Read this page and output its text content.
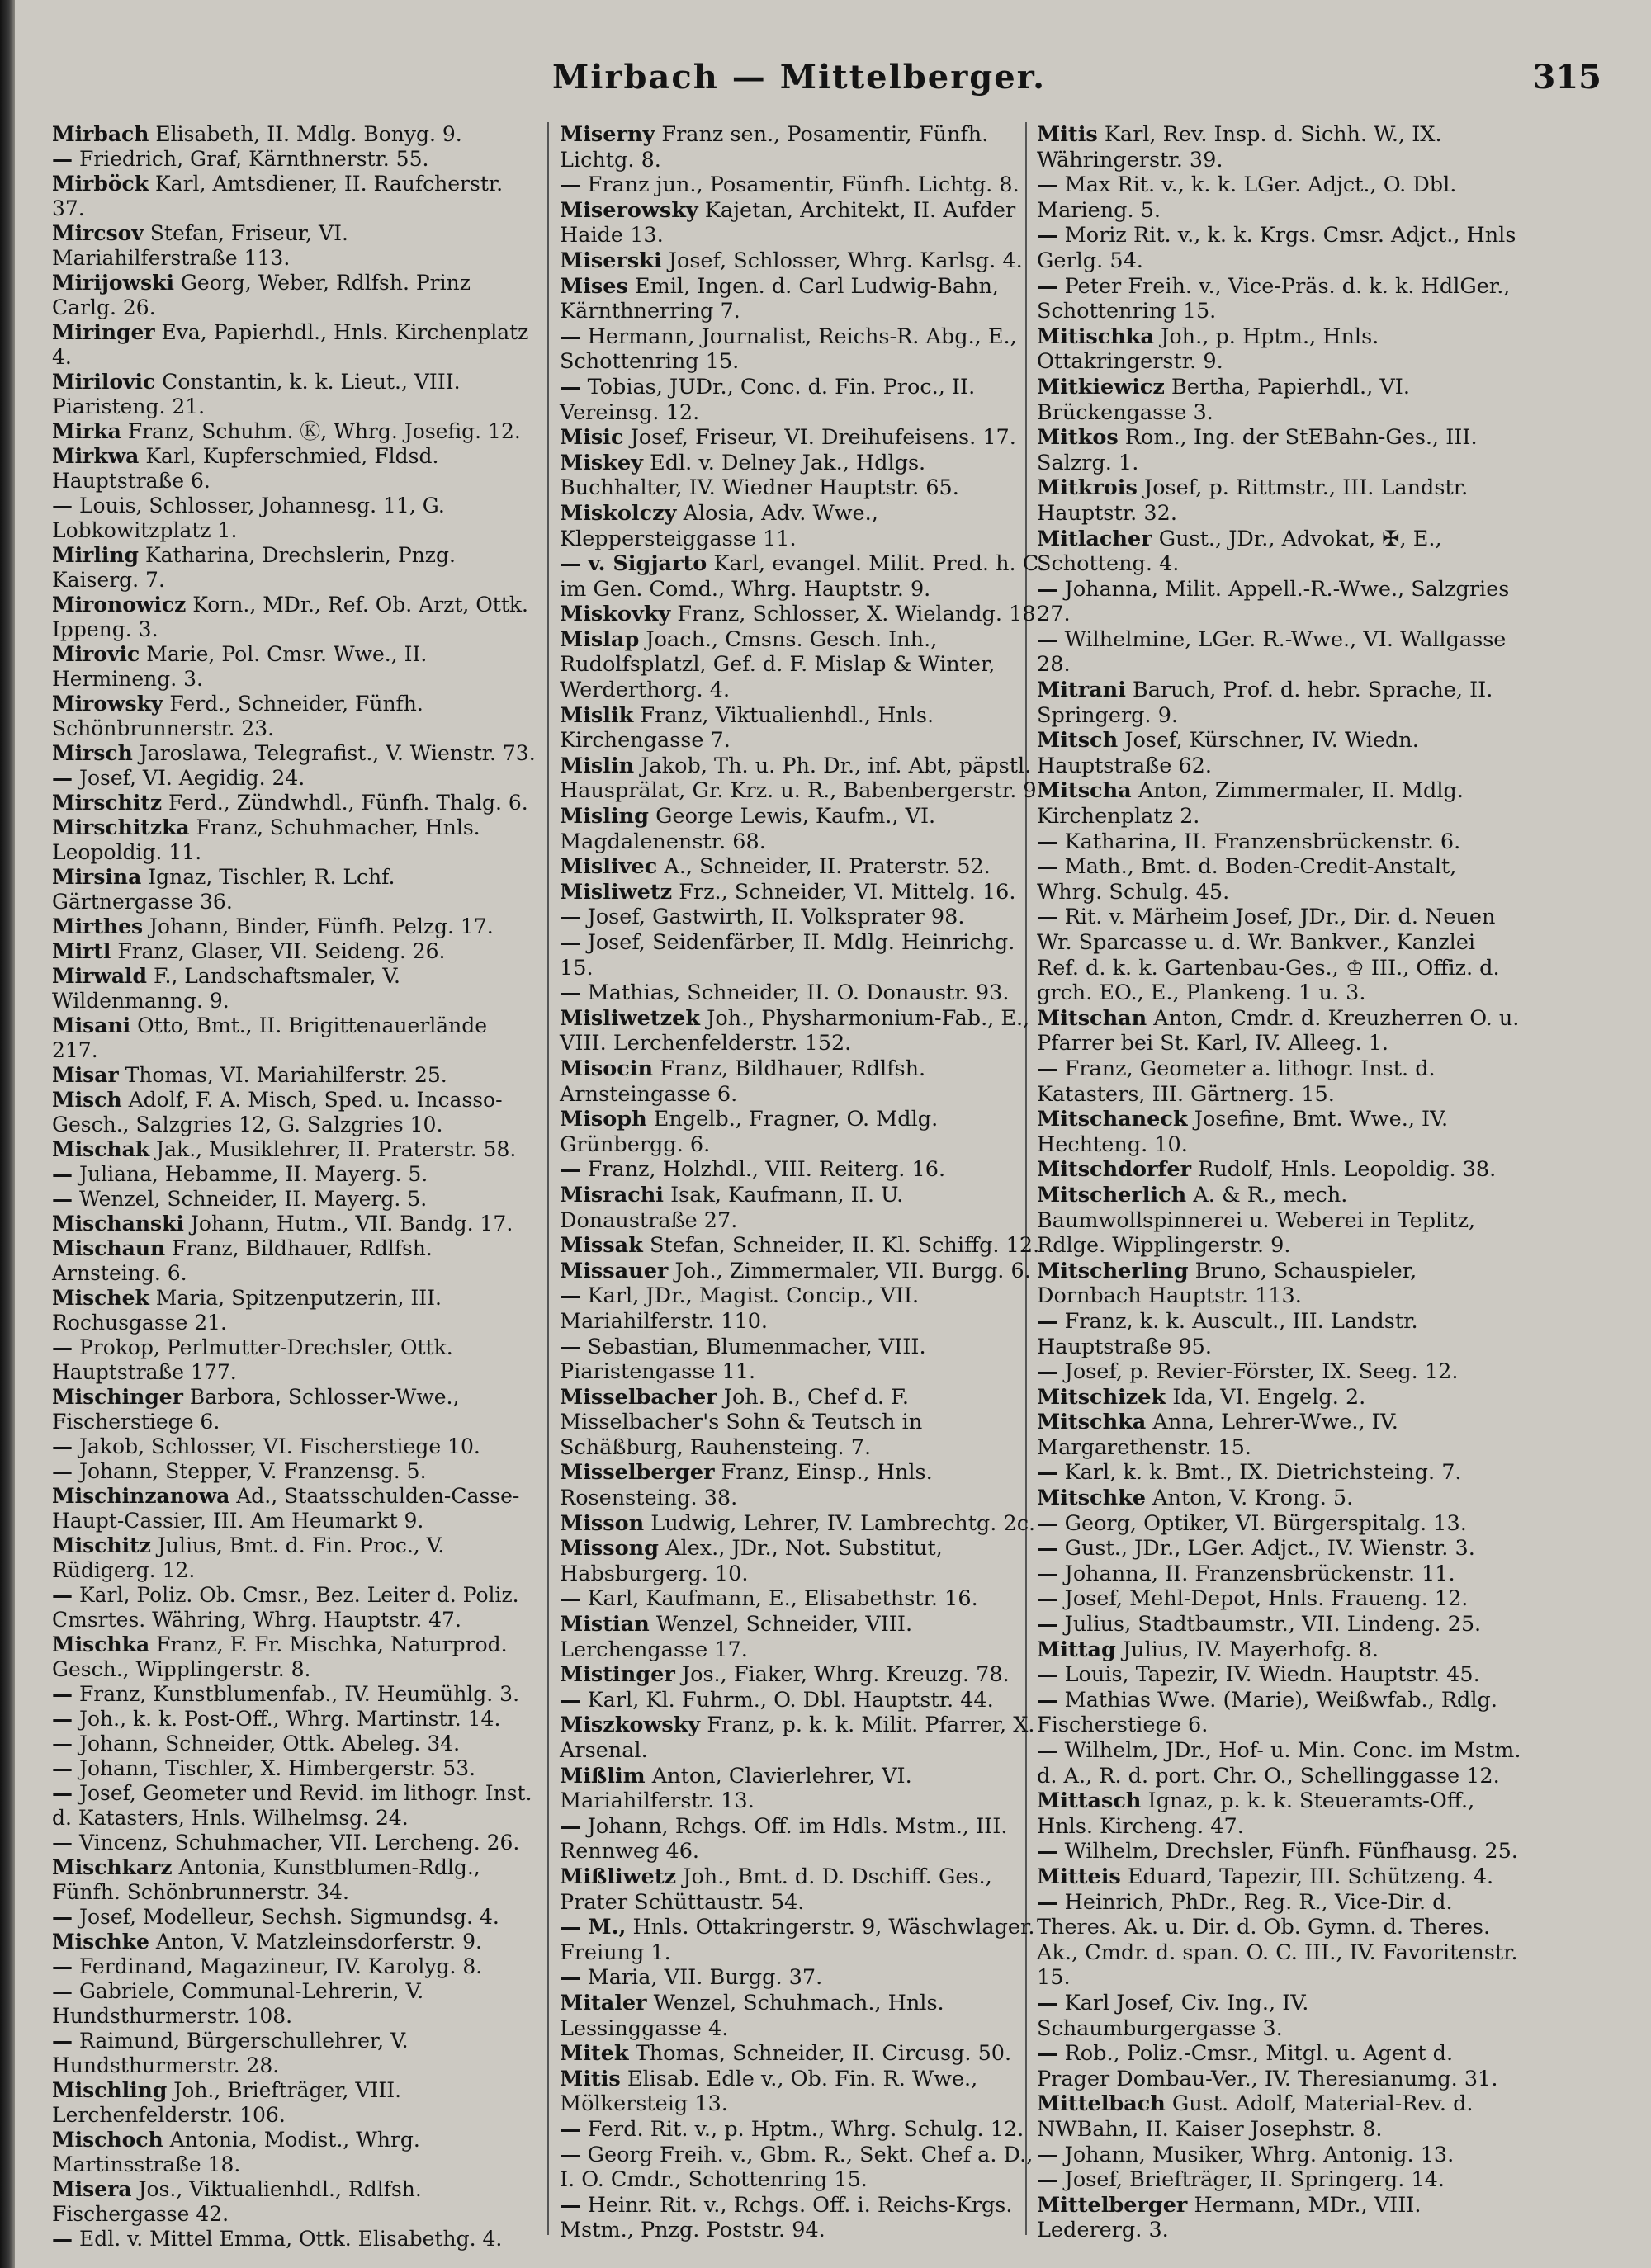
Mirbach — Mittelberger.	315

Mirbach Elisabeth, II. Mdlg. Bonyg. 9.

— Friedrich, Graf, Kärnthnerstr. 55.

Mirböck Karl, Amtsdiener, II. Raufcherstr. 37.

Mircsov Stefan, Friseur, VI. Mariahilferstraße 113.

Mirijowski Georg, Weber, Rdlfsh. Prinz Carlg. 26.

Miringer Eva, Papierhdl., Hnls. Kirchenplatz 4.

Mirilovic Constantin, k. k. Lieut., VIII. Piaristeng. 21.

Mirka Franz, Schuhm. Ⓚ, Whrg. Josefig. 12.

Mirkwa Karl, Kupferschmied, Fldsd. Hauptstraße 6.

— Louis, Schlosser, Johannesg. 11, G. Lobkowitzplatz 1.

Mirling Katharina, Drechslerin, Pnzg. Kaiserg. 7.

Mironowicz Korn., MDr., Ref. Ob. Arzt, Ottk. Ippeng. 3.

Mirovic Marie, Pol. Cmsr. Wwe., II. Hermineng. 3.

Mirowsky Ferd., Schneider, Fünfh. Schönbrunnerstr. 23.

Mirsch Jaroslawa, Telegrafist., V. Wienstr. 73.

— Josef, VI. Aegidig. 24.

Mirschitz Ferd., Zündwhdl., Fünfh. Thalg. 6.

Mirschitzka Franz, Schuhmacher, Hnls. Leopoldig. 11.

Mirsina Ignaz, Tischler, R. Lchf. Gärtnergasse 36.

Mirthes Johann, Binder, Fünfh. Pelzg. 17.

Mirtl Franz, Glaser, VII. Seideng. 26.

Mirwald F., Landschaftsmaler, V. Wildenmanng. 9.

Misani Otto, Bmt., II. Brigittenauerlände 217.

Misar Thomas, VI. Mariahilferstr. 25.

Misch Adolf, F. A. Misch, Sped. u. Incasso-Gesch., Salzgries 12, G. Salzgries 10.

Mischak Jak., Musiklehrer, II. Praterstr. 58.

— Juliana, Hebamme, II. Mayerg. 5.

— Wenzel, Schneider, II. Mayerg. 5.

Mischanski Johann, Hutm., VII. Bandg. 17.

Mischaun Franz, Bildhauer, Rdlfsh. Arnsteing. 6.

Mischek Maria, Spitzenputzerin, III. Rochusgasse 21.

— Prokop, Perlmutter-Drechsler, Ottk. Hauptstraße 177.

Mischinger Barbora, Schlosser-Wwe., Fischerstiege 6.

— Jakob, Schlosser, VI. Fischerstiege 10.

— Johann, Stepper, V. Franzensg. 5.

Mischinzanowa Ad., Staatsschulden-Casse-Haupt-Cassier, III. Am Heumarkt 9.

Mischitz Julius, Bmt. d. Fin. Proc., V. Rüdigerg. 12.

— Karl, Poliz. Ob. Cmsr., Bez. Leiter d. Poliz. Cmsrtes. Währing, Whrg. Hauptstr. 47.

Mischka Franz, F. Fr. Mischka, Naturprod. Gesch., Wipplingerstr. 8.

— Franz, Kunstblumenfab., IV. Heumühlg. 3.

— Joh., k. k. Post-Off., Whrg. Martinstr. 14.

— Johann, Schneider, Ottk. Abeleg. 34.

— Johann, Tischler, X. Himbergerstr. 53.

— Josef, Geometer und Revid. im lithogr. Inst. d. Katasters, Hnls. Wilhelmsg. 24.

— Vincenz, Schuhmacher, VII. Lercheng. 26.

Mischkarz Antonia, Kunstblumen-Rdlg., Fünfh. Schönbrunnerstr. 34.

— Josef, Modelleur, Sechsh. Sigmundsg. 4.

Mischke Anton, V. Matzleinsdorferstr. 9.

— Ferdinand, Magazineur, IV. Karolyg. 8.

— Gabriele, Communal-Lehrerin, V. Hundsthurmerstr. 108.

— Raimund, Bürgerschullehrer, V. Hundsthurmerstr. 28.

Mischling Joh., Briefträger, VIII. Lerchenfelderstr. 106.

Mischoch Antonia, Modist., Whrg. Martinsstraße 18.

Misera Jos., Viktualienhdl., Rdlfsh. Fischergasse 42.

— Edl. v. Mittel Emma, Ottk. Elisabethg. 4.

Miserny Franz sen., Posamentir, Fünfh. Lichtg. 8.

— Franz jun., Posamentir, Fünfh. Lichtg. 8.

Miserowsky Kajetan, Architekt, II. Aufder Haide 13.

Miserski Josef, Schlosser, Whrg. Karlsg. 4.

Mises Emil, Ingen. d. Carl Ludwig-Bahn, Kärnthnerring 7.

— Hermann, Journalist, Reichs-R. Abg., E., Schottenring 15.

— Tobias, JUDr., Conc. d. Fin. Proc., II. Vereinsg. 12.

Misic Josef, Friseur, VI. Dreihufeisens. 17.

Miskey Edl. v. Delney Jak., Hdlgs. Buchhalter, IV. Wiedner Hauptstr. 65.

Miskolczy Alosia, Adv. Wwe., Kleppersteiggasse 11.

— v. Sigjarto Karl, evangel. Milit. Pred. h. C. im Gen. Comd., Whrg. Hauptstr. 9.

Miskovky Franz, Schlosser, X. Wielandg. 18.

Mislap Joach., Cmsns. Gesch. Inh., Rudolfsplatzl, Gef. d. F. Mislap & Winter, Werderthorg. 4.

Mislik Franz, Viktualienhdl., Hnls. Kirchengasse 7.

Mislin Jakob, Th. u. Ph. Dr., inf. Abt, päpstl. Hausprälat, Gr. Krz. u. R., Babenbergerstr. 9.

Misling George Lewis, Kaufm., VI. Magdalenenstr. 68.

Mislivec A., Schneider, II. Praterstr. 52.

Misliwetz Frz., Schneider, VI. Mittelg. 16.

— Josef, Gastwirth, II. Volksprater 98.

— Josef, Seidenfärber, II. Mdlg. Heinrichg. 15.

— Mathias, Schneider, II. O. Donaustr. 93.

Misliwetzek Joh., Physharmonium-Fab., E., VIII. Lerchenfelderstr. 152.

Misocin Franz, Bildhauer, Rdlfsh. Arnsteingasse 6.

Misoph Engelb., Fragner, O. Mdlg. Grünbergg. 6.

— Franz, Holzhdl., VIII. Reiterg. 16.

Misrachi Isak, Kaufmann, II. U. Donaustraße 27.

Missak Stefan, Schneider, II. Kl. Schiffg. 12.

Missauer Joh., Zimmermaler, VII. Burgg. 6.

— Karl, JDr., Magist. Concip., VII. Mariahilferstr. 110.

— Sebastian, Blumenmacher, VIII. Piaristengasse 11.

Misselbacher Joh. B., Chef d. F. Misselbacher's Sohn & Teutsch in Schäßburg, Rauhensteing. 7.

Misselberger Franz, Einsp., Hnls. Rosensteing. 38.

Misson Ludwig, Lehrer, IV. Lambrechtg. 2c.

Missong Alex., JDr., Not. Substitut, Habsburgerg. 10.

— Karl, Kaufmann, E., Elisabethstr. 16.

Mistian Wenzel, Schneider, VIII. Lerchengasse 17.

Mistinger Jos., Fiaker, Whrg. Kreuzg. 78.

— Karl, Kl. Fuhrm., O. Dbl. Hauptstr. 44.

Miszkowsky Franz, p. k. k. Milit. Pfarrer, X. Arsenal.

Mißlim Anton, Clavierlehrer, VI. Mariahilferstr. 13.

— Johann, Rchgs. Off. im Hdls. Mstm., III. Rennweg 46.

Mißliwetz Joh., Bmt. d. D. Dschiff. Ges., Prater Schüttaustr. 54.

— M., Hnls. Ottakringerstr. 9, Wäschwlager. Freiung 1.

— Maria, VII. Burgg. 37.

Mitaler Wenzel, Schuhmach., Hnls. Lessinggasse 4.

Mitek Thomas, Schneider, II. Circusg. 50.

Mitis Elisab. Edle v., Ob. Fin. R. Wwe., Mölkersteig 13.

— Ferd. Rit. v., p. Hptm., Whrg. Schulg. 12.

— Georg Freih. v., Gbm. R., Sekt. Chef a. D., I. O. Cmdr., Schottenring 15.

— Heinr. Rit. v., Rchgs. Off. i. Reichs-Krgs. Mstm., Pnzg. Poststr. 94.

Mitis Karl, Rev. Insp. d. Sichh. W., IX. Währingerstr. 39.

— Max Rit. v., k. k. LGer. Adjct., O. Dbl. Marieng. 5.

— Moriz Rit. v., k. k. Krgs. Cmsr. Adjct., Hnls Gerlg. 54.

— Peter Freih. v., Vice-Präs. d. k. k. HdlGer., Schottenring 15.

Mitischka Joh., p. Hptm., Hnls. Ottakringerstr. 9.

Mitkiewicz Bertha, Papierhdl., VI. Brückengasse 3.

Mitkos Rom., Ing. der StEBahn-Ges., III. Salzrg. 1.

Mitkrois Josef, p. Rittmstr., III. Landstr. Hauptstr. 32.

Mitlacher Gust., JDr., Advokat, ✠, E., Schotteng. 4.

— Johanna, Milit. Appell.-R.-Wwe., Salzgries 27.

— Wilhelmine, LGer. R.-Wwe., VI. Wallgasse 28.

Mitrani Baruch, Prof. d. hebr. Sprache, II. Springerg. 9.

Mitsch Josef, Kürschner, IV. Wiedn. Hauptstraße 62.

Mitscha Anton, Zimmermaler, II. Mdlg. Kirchenplatz 2.

— Katharina, II. Franzensbrückenstr. 6.

— Math., Bmt. d. Boden-Credit-Anstalt, Whrg. Schulg. 45.

— Rit. v. Märheim Josef, JDr., Dir. d. Neuen Wr. Sparcasse u. d. Wr. Bankver., Kanzlei Ref. d. k. k. Gartenbau-Ges., ♔ III., Offiz. d. grch. EO., E., Plankeng. 1 u. 3.

Mitschan Anton, Cmdr. d. Kreuzherren O. u. Pfarrer bei St. Karl, IV. Alleeg. 1.

— Franz, Geometer a. lithogr. Inst. d. Katasters, III. Gärtnerg. 15.

Mitschaneck Josefine, Bmt. Wwe., IV. Hechteng. 10.

Mitschdorfer Rudolf, Hnls. Leopoldig. 38.

Mitscherlich A. & R., mech. Baumwollspinnerei u. Weberei in Teplitz, Rdlge. Wipplingerstr. 9.

Mitscherling Bruno, Schauspieler, Dornbach Hauptstr. 113.

— Franz, k. k. Auscult., III. Landstr. Hauptstraße 95.

— Josef, p. Revier-Förster, IX. Seeg. 12.

Mitschizek Ida, VI. Engelg. 2.

Mitschka Anna, Lehrer-Wwe., IV. Margarethenstr. 15.

— Karl, k. k. Bmt., IX. Dietrichsteing. 7.

Mitschke Anton, V. Krong. 5.

— Georg, Optiker, VI. Bürgerspitalg. 13.

— Gust., JDr., LGer. Adjct., IV. Wienstr. 3.

— Johanna, II. Franzensbrückenstr. 11.

— Josef, Mehl-Depot, Hnls. Fraueng. 12.

— Julius, Stadtbaumstr., VII. Lindeng. 25.

Mittag Julius, IV. Mayerhofg. 8.

— Louis, Tapezir, IV. Wiedn. Hauptstr. 45.

— Mathias Wwe. (Marie), Weißwfab., Rdlg. Fischerstiege 6.

— Wilhelm, JDr., Hof- u. Min. Conc. im Mstm. d. A., R. d. port. Chr. O., Schellinggasse 12.

Mittasch Ignaz, p. k. k. Steueramts-Off., Hnls. Kircheng. 47.

— Wilhelm, Drechsler, Fünfh. Fünfhausg. 25.

Mitteis Eduard, Tapezir, III. Schützeng. 4.

— Heinrich, PhDr., Reg. R., Vice-Dir. d. Theres. Ak. u. Dir. d. Ob. Gymn. d. Theres. Ak., Cmdr. d. span. O. C. III., IV. Favoritenstr. 15.

— Karl Josef, Civ. Ing., IV. Schaumburgergasse 3.

— Rob., Poliz.-Cmsr., Mitgl. u. Agent d. Prager Dombau-Ver., IV. Theresianumg. 31.

Mittelbach Gust. Adolf, Material-Rev. d. NWBahn, II. Kaiser Josephstr. 8.

— Johann, Musiker, Whrg. Antonig. 13.

— Josef, Briefträger, II. Springerg. 14.

Mittelberger Hermann, MDr., VIII. Ledererg. 3.
